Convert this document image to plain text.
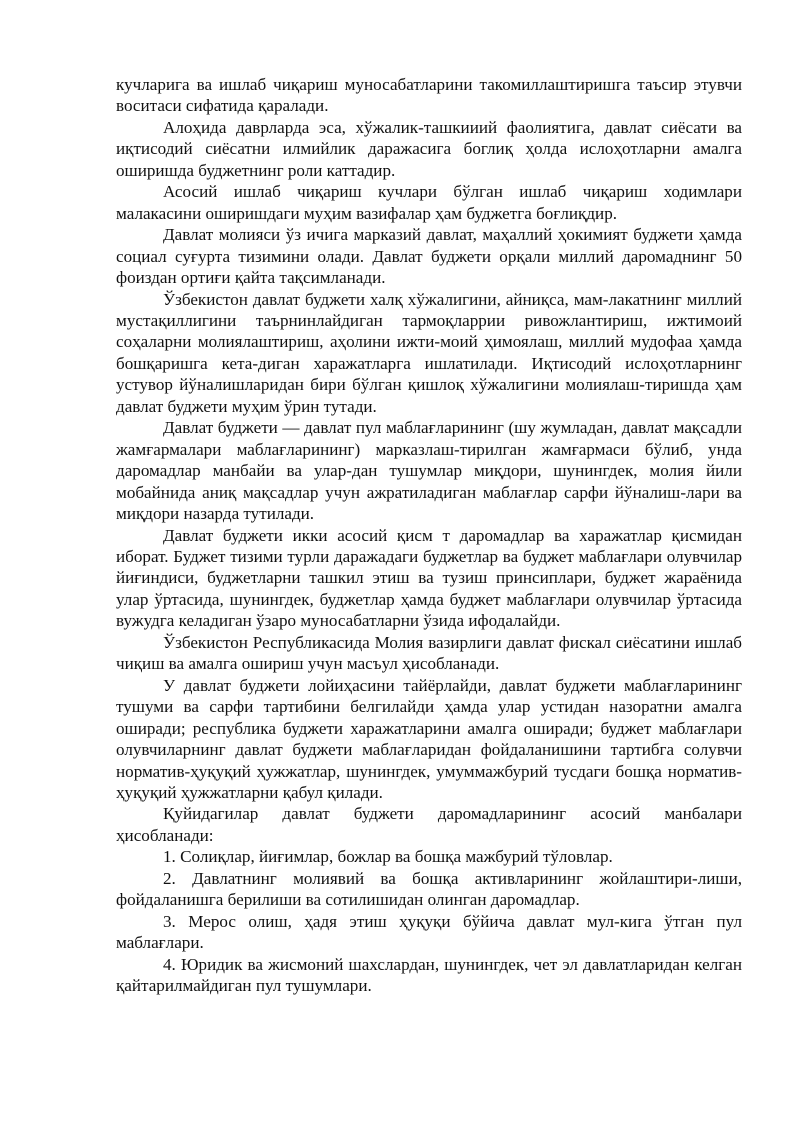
кучларига ва ишлаб чиқариш муносабатларини такомиллаштиришга таъсир этувчи воситаси сифатида қаралади.

Алоҳида даврларда эса, хўжалик-ташкииий фаолиятига, давлат сиёсати ва иқтисодий сиёсатни илмийлик даражасига боглиқ ҳолда ислоҳотларни амалга оширишда буджетнинг роли каттадир.

Асосий ишлаб чиқариш кучлари бўлган ишлаб чиқариш ходимлари малакасини оширишдаги муҳим вазифалар ҳам буджетга боғлиқдир.

Давлат молияси ўз ичига марказий давлат, маҳаллий ҳокимият буджети ҳамда социал суғурта тизимини олади. Давлат буджети орқали миллий даромаднинг 50 фоиздан ортиғи қайта тақсимланади.

Ўзбекистон давлат буджети халқ хўжалигини, айниқса, мам-лакатнинг миллий мустақиллигини таърнинлайдиган тармоқларрии ривожлантириш, ижтимоий соҳаларни молиялаштириш, аҳолини ижти-моий ҳимоялаш, миллий мудофаа ҳамда бошқаришга кета-диган харажатларга ишлатилади. Иқтисодий ислоҳотларнинг устувор йўналишларидан бири бўлган қишлоқ хўжалигини молиялаш-тиришда ҳам давлат буджети муҳим ўрин тутади.

Давлат буджети — давлат пул маблағларининг (шу жумладан, давлат мақсадли жамғармалари маблағларининг) марказлаш-тирилган жамғармаси бўлиб, унда даромадлар манбайи ва улар-дан тушумлар миқдори, шунингдек, молия йили мобайнида аниқ мақсадлар учун ажратиладиган маблағлар сарфи йўналиш-лари ва миқдори назарда тутилади.

Давлат буджети икки асосий қисм т даромадлар ва харажатлар қисмидан иборат. Буджет тизими турли даражадаги буджетлар ва буджет маблағлари олувчилар йиғиндиси, буджетларни ташкил этиш ва тузиш принсиплари, буджет жараёнида улар ўртасида, шунингдек, буджетлар ҳамда буджет маблағлари олувчилар ўртасида вужудга келадиган ўзаро муносабатларни ўзида ифодалайди.

Ўзбекистон Республикасида Молия вазирлиги давлат фискал сиёсатини ишлаб чиқиш ва амалга ошириш учун масъул ҳисобланади.

У давлат буджети лойиҳасини тайёрлайди, давлат буджети маблағларининг тушуми ва сарфи тартибини белгилайди ҳамда улар устидан назоратни амалга оширади; республика буджети харажатларини амалга оширади; буджет маблағлари олувчиларнинг давлат буджети маблағларидан фойдаланишини тартибга солувчи норматив-ҳуқуқий ҳужжатлар, шунингдек, умуммажбурий тусдаги бошқа норматив-ҳуқуқий ҳужжатларни қабул қилади.

Қуйидагилар давлат буджети даромадларининг асосий манбалари ҳисобланади:

1. Солиқлар, йиғимлар, божлар ва бошқа мажбурий тўловлар.

2. Давлатнинг молиявий ва бошқа активларининг жойлаштири-лиши, фойдаланишга берилиши ва сотилишидан олинган даромадлар.

3. Мерос олиш, ҳадя этиш ҳуқуқи бўйича давлат мул-кига ўтган пул маблағлари.

4. Юридик ва жисмоний шахслардан, шунингдек, чет эл давлатларидан келган қайтарилмайдиган пул тушумлари.
